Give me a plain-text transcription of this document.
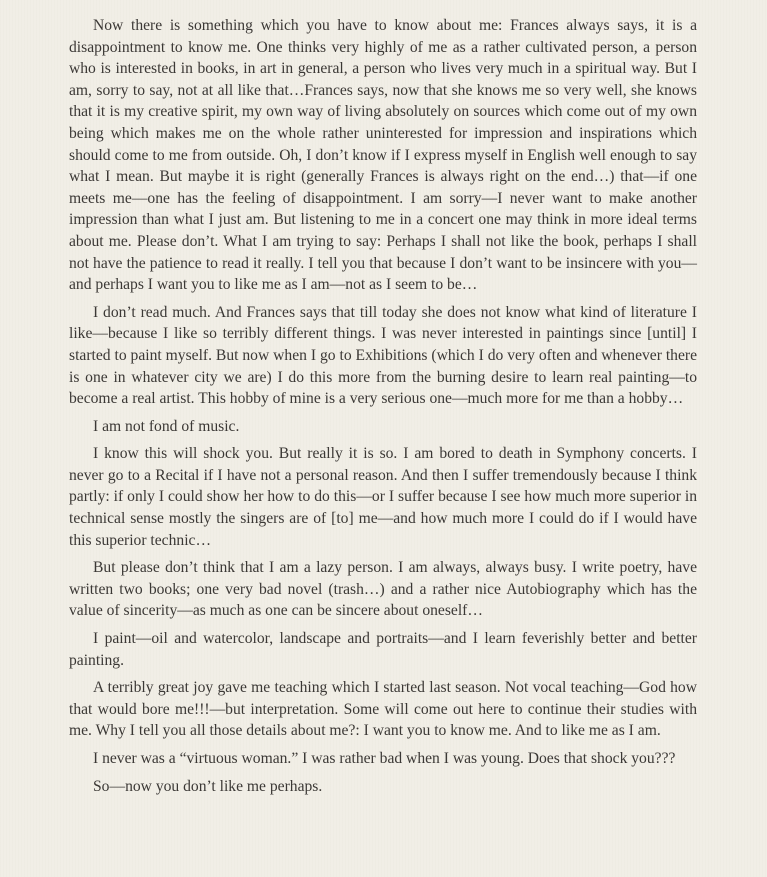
Now there is something which you have to know about me: Frances always says, it is a disappointment to know me. One thinks very highly of me as a rather cultivated person, a person who is interested in books, in art in general, a person who lives very much in a spiritual way. But I am, sorry to say, not at all like that…Frances says, now that she knows me so very well, she knows that it is my creative spirit, my own way of living absolutely on sources which come out of my own being which makes me on the whole rather uninterested for impression and inspirations which should come to me from outside. Oh, I don’t know if I express myself in English well enough to say what I mean. But maybe it is right (generally Frances is always right on the end…) that—if one meets me—one has the feeling of disappointment. I am sorry—I never want to make another impression than what I just am. But listening to me in a concert one may think in more ideal terms about me. Please don’t. What I am trying to say: Perhaps I shall not like the book, perhaps I shall not have the patience to read it really. I tell you that because I don’t want to be insincere with you—and perhaps I want you to like me as I am—not as I seem to be…

I don’t read much. And Frances says that till today she does not know what kind of literature I like—because I like so terribly different things. I was never interested in paintings since [until] I started to paint myself. But now when I go to Exhibitions (which I do very often and whenever there is one in whatever city we are) I do this more from the burning desire to learn real painting—to become a real artist. This hobby of mine is a very serious one—much more for me than a hobby…

I am not fond of music.

I know this will shock you. But really it is so. I am bored to death in Symphony concerts. I never go to a Recital if I have not a personal reason. And then I suffer tremendously because I think partly: if only I could show her how to do this—or I suffer because I see how much more superior in technical sense mostly the singers are of [to] me—and how much more I could do if I would have this superior technic…

But please don’t think that I am a lazy person. I am always, always busy. I write poetry, have written two books; one very bad novel (trash…) and a rather nice Autobiography which has the value of sincerity—as much as one can be sincere about oneself…

I paint—oil and watercolor, landscape and portraits—and I learn feverishly better and better painting.

A terribly great joy gave me teaching which I started last season. Not vocal teaching—God how that would bore me!!!—but interpretation. Some will come out here to continue their studies with me. Why I tell you all those details about me?: I want you to know me. And to like me as I am.

I never was a “virtuous woman.” I was rather bad when I was young. Does that shock you???

So—now you don’t like me perhaps.
